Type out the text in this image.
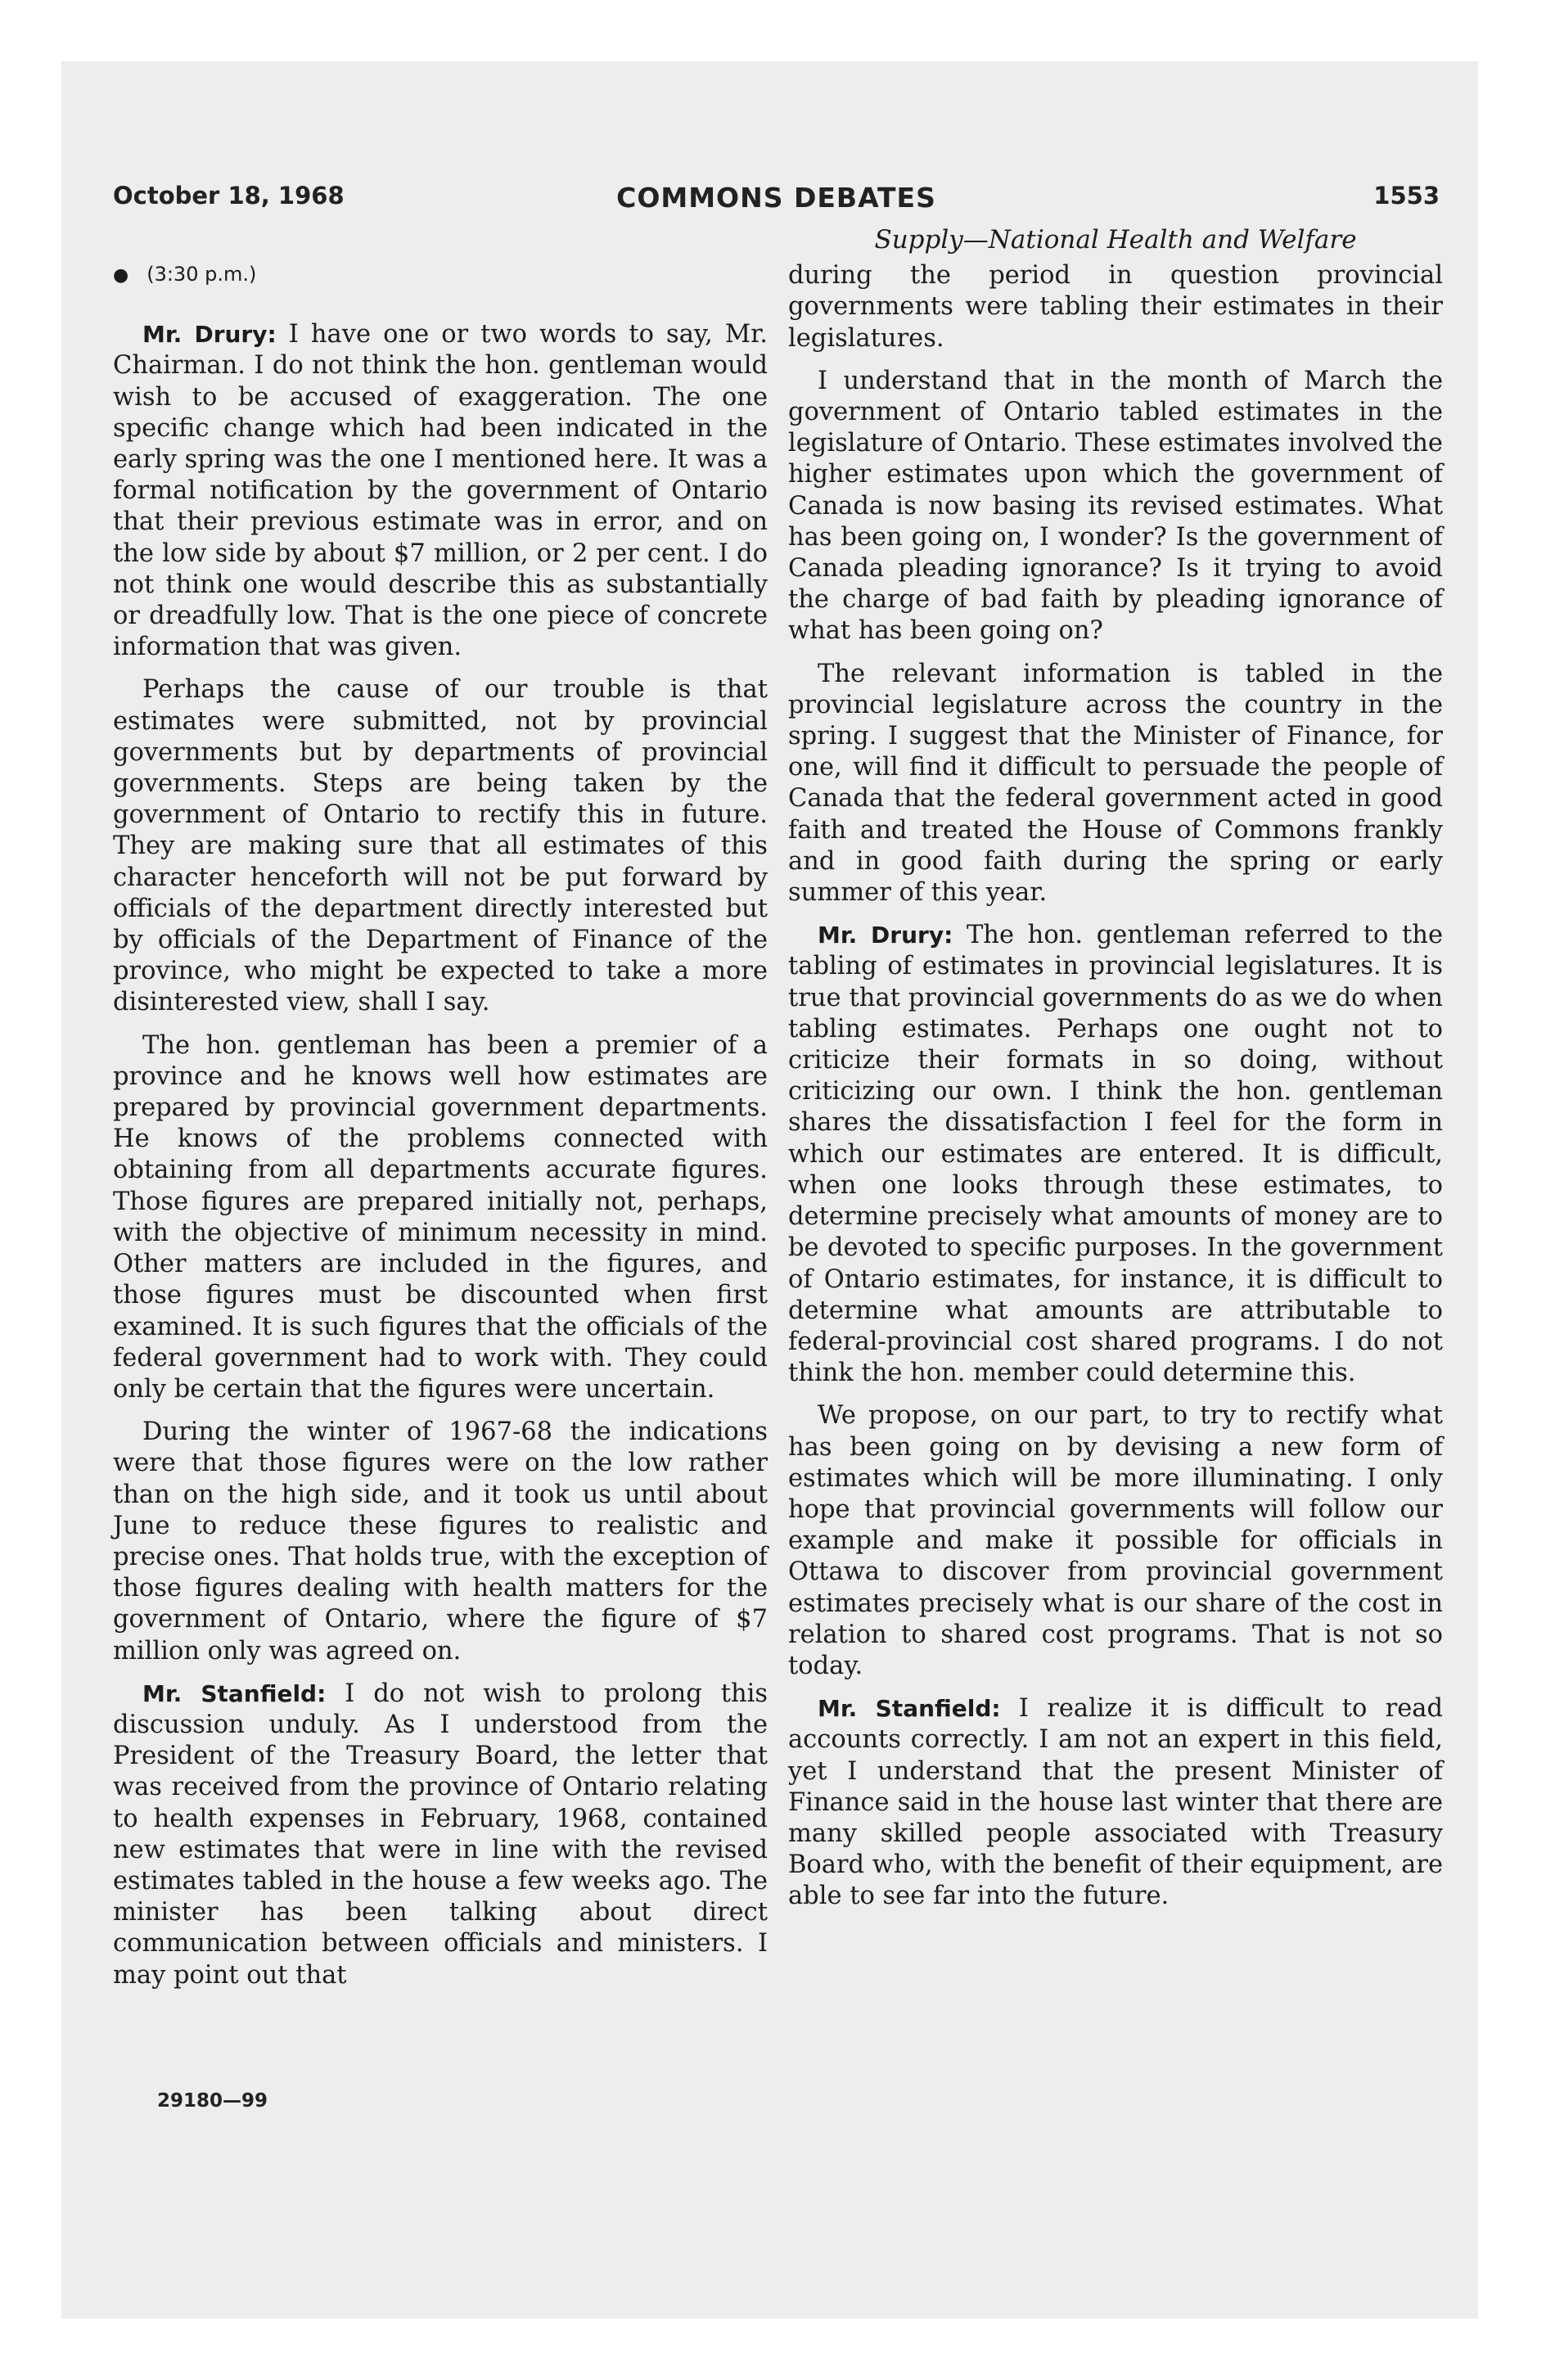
October 18, 1968	COMMONS DEBATES	1553
● (3:30 p.m.)

Mr. Drury: I have one or two words to say, Mr. Chairman. I do not think the hon. gentleman would wish to be accused of exaggeration. The one specific change which had been indicated in the early spring was the one I mentioned here. It was a formal notification by the government of Ontario that their previous estimate was in error, and on the low side by about $7 million, or 2 per cent. I do not think one would describe this as substantially or dreadfully low. That is the one piece of concrete information that was given.

Perhaps the cause of our trouble is that estimates were submitted, not by provincial governments but by departments of provincial governments. Steps are being taken by the government of Ontario to rectify this in future. They are making sure that all estimates of this character henceforth will not be put forward by officials of the department directly interested but by officials of the Department of Finance of the province, who might be expected to take a more disinterested view, shall I say.

The hon. gentleman has been a premier of a province and he knows well how estimates are prepared by provincial government departments. He knows of the problems connected with obtaining from all departments accurate figures. Those figures are prepared initially not, perhaps, with the objective of minimum necessity in mind. Other matters are included in the figures, and those figures must be discounted when first examined. It is such figures that the officials of the federal government had to work with. They could only be certain that the figures were uncertain.

During the winter of 1967-68 the indications were that those figures were on the low rather than on the high side, and it took us until about June to reduce these figures to realistic and precise ones. That holds true, with the exception of those figures dealing with health matters for the government of Ontario, where the figure of $7 million only was agreed on.

Mr. Stanfield: I do not wish to prolong this discussion unduly. As I understood from the President of the Treasury Board, the letter that was received from the province of Ontario relating to health expenses in February, 1968, contained new estimates that were in line with the revised estimates tabled in the house a few weeks ago. The minister has been talking about direct communication between officials and ministers. I may point out that

Supply—National Health and Welfare

during the period in question provincial governments were tabling their estimates in their legislatures.

I understand that in the month of March the government of Ontario tabled estimates in the legislature of Ontario. These estimates involved the higher estimates upon which the government of Canada is now basing its revised estimates. What has been going on, I wonder? Is the government of Canada pleading ignorance? Is it trying to avoid the charge of bad faith by pleading ignorance of what has been going on?

The relevant information is tabled in the provincial legislature across the country in the spring. I suggest that the Minister of Finance, for one, will find it difficult to persuade the people of Canada that the federal government acted in good faith and treated the House of Commons frankly and in good faith during the spring or early summer of this year.

Mr. Drury: The hon. gentleman referred to the tabling of estimates in provincial legislatures. It is true that provincial governments do as we do when tabling estimates. Perhaps one ought not to criticize their formats in so doing, without criticizing our own. I think the hon. gentleman shares the dissatisfaction I feel for the form in which our estimates are entered. It is difficult, when one looks through these estimates, to determine precisely what amounts of money are to be devoted to specific purposes. In the government of Ontario estimates, for instance, it is difficult to determine what amounts are attributable to federal-provincial cost shared programs. I do not think the hon. member could determine this.

We propose, on our part, to try to rectify what has been going on by devising a new form of estimates which will be more illuminating. I only hope that provincial governments will follow our example and make it possible for officials in Ottawa to discover from provincial government estimates precisely what is our share of the cost in relation to shared cost programs. That is not so today.

Mr. Stanfield: I realize it is difficult to read accounts correctly. I am not an expert in this field, yet I understand that the present Minister of Finance said in the house last winter that there are many skilled people associated with Treasury Board who, with the benefit of their equipment, are able to see far into the future.

29180—99
